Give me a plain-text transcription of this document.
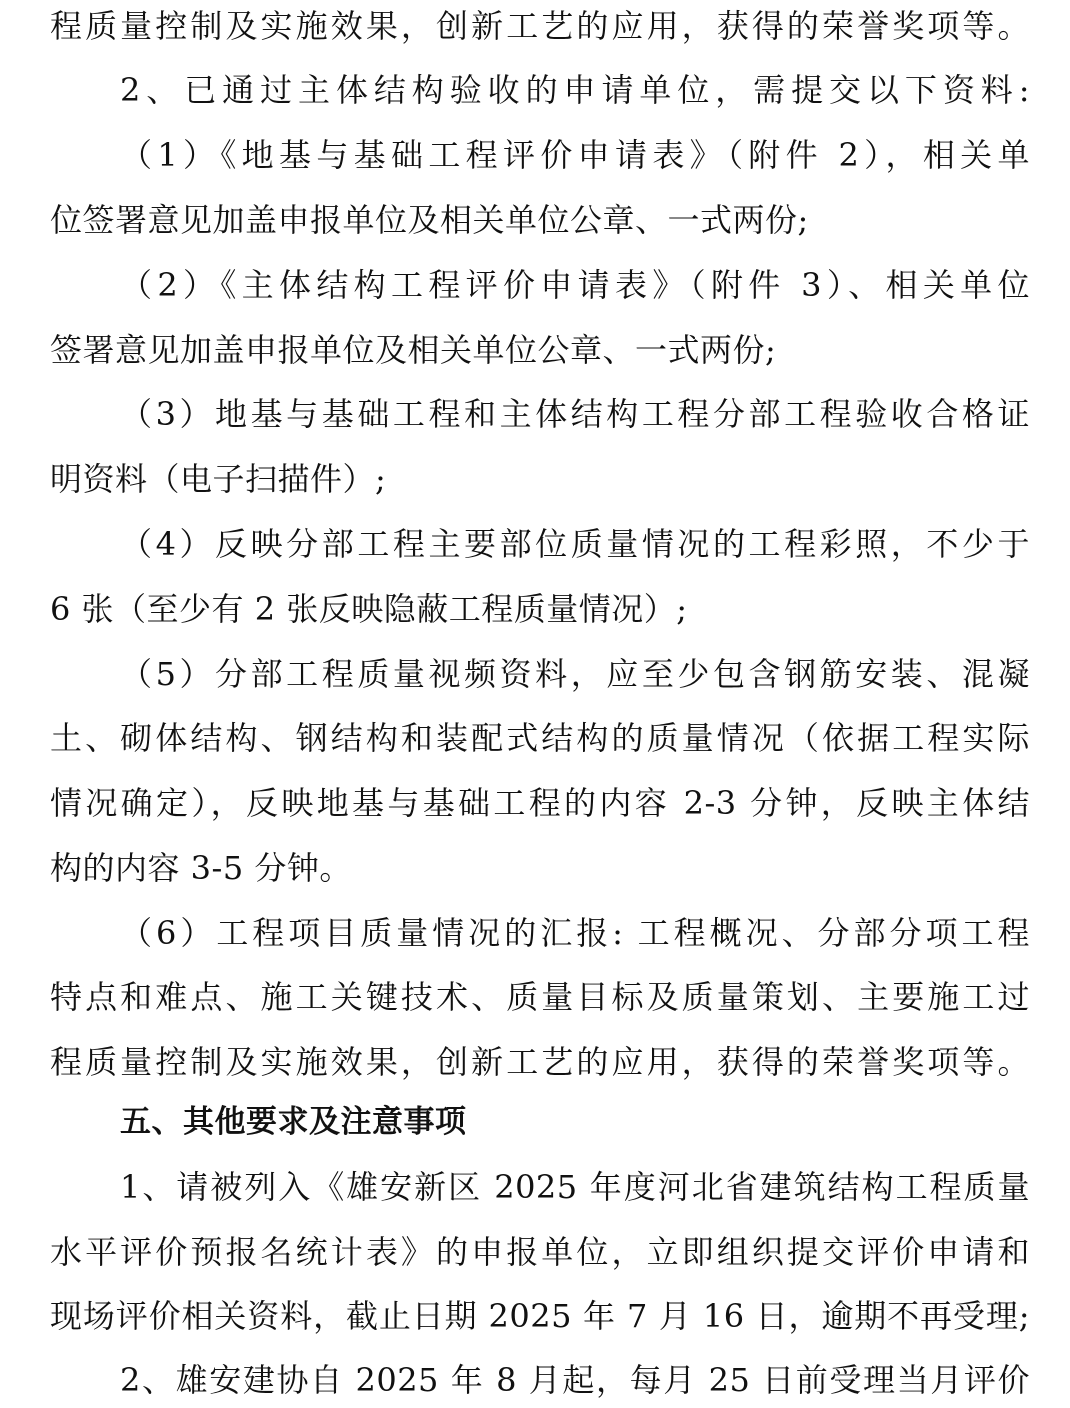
程质量控制及实施效果，创新工艺的应用，获得的荣誉奖项等。
2、已通过主体结构验收的申请单位，需提交以下资料:
（1）《地基与基础工程评价申请表》（附件 2），相关单
位签署意见加盖申报单位及相关单位公章、一式两份;
（2）《主体结构工程评价申请表》（附件 3）、相关单位
签署意见加盖申报单位及相关单位公章、一式两份;
（3）地基与基础工程和主体结构工程分部工程验收合格证
明资料（电子扫描件）;
（4）反映分部工程主要部位质量情况的工程彩照，不少于
6 张（至少有 2 张反映隐蔽工程质量情况）;
（5）分部工程质量视频资料，应至少包含钢筋安装、混凝
土、砌体结构、钢结构和装配式结构的质量情况（依据工程实际
情况确定），反映地基与基础工程的内容 2-3 分钟，反映主体结
构的内容 3-5 分钟。
（6）工程项目质量情况的汇报: 工程概况、分部分项工程
特点和难点、施工关键技术、质量目标及质量策划、主要施工过
程质量控制及实施效果，创新工艺的应用，获得的荣誉奖项等。
五、其他要求及注意事项
1、请被列入《雄安新区 2025 年度河北省建筑结构工程质量
水平评价预报名统计表》的申报单位，立即组织提交评价申请和
现场评价相关资料，截止日期 2025 年 7 月 16 日，逾期不再受理;
2、雄安建协自 2025 年 8 月起，每月 25 日前受理当月评价
